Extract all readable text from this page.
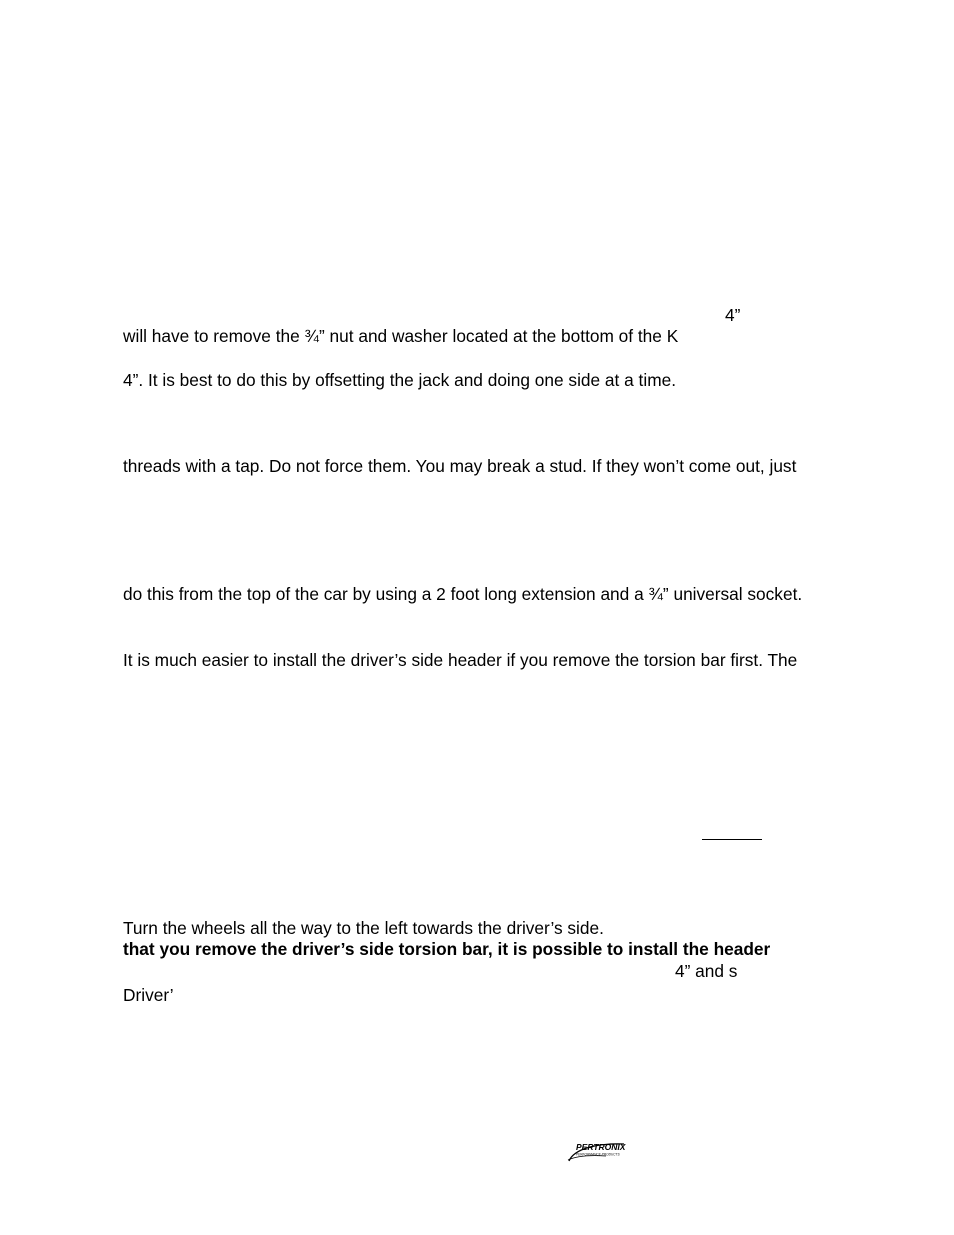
4”

will have to remove the ¾” nut and washer located at the bottom of the K

4”. It is best to do this by offsetting the jack and doing one side at a time.

threads with a tap. Do not force them. You may break a stud. If they won’t come out, just

do this from the top of the car by using a 2 foot long extension and a ¾” universal socket.

It is much easier to install the driver’s side header if you remove the torsion bar first. The

Turn the wheels all the way to the left towards the driver’s side.

that you remove the driver’s side torsion bar, it is possible to install the header

4” and s

Driver’

PERTRONIX
PERFORMANCE PRODUCTS
